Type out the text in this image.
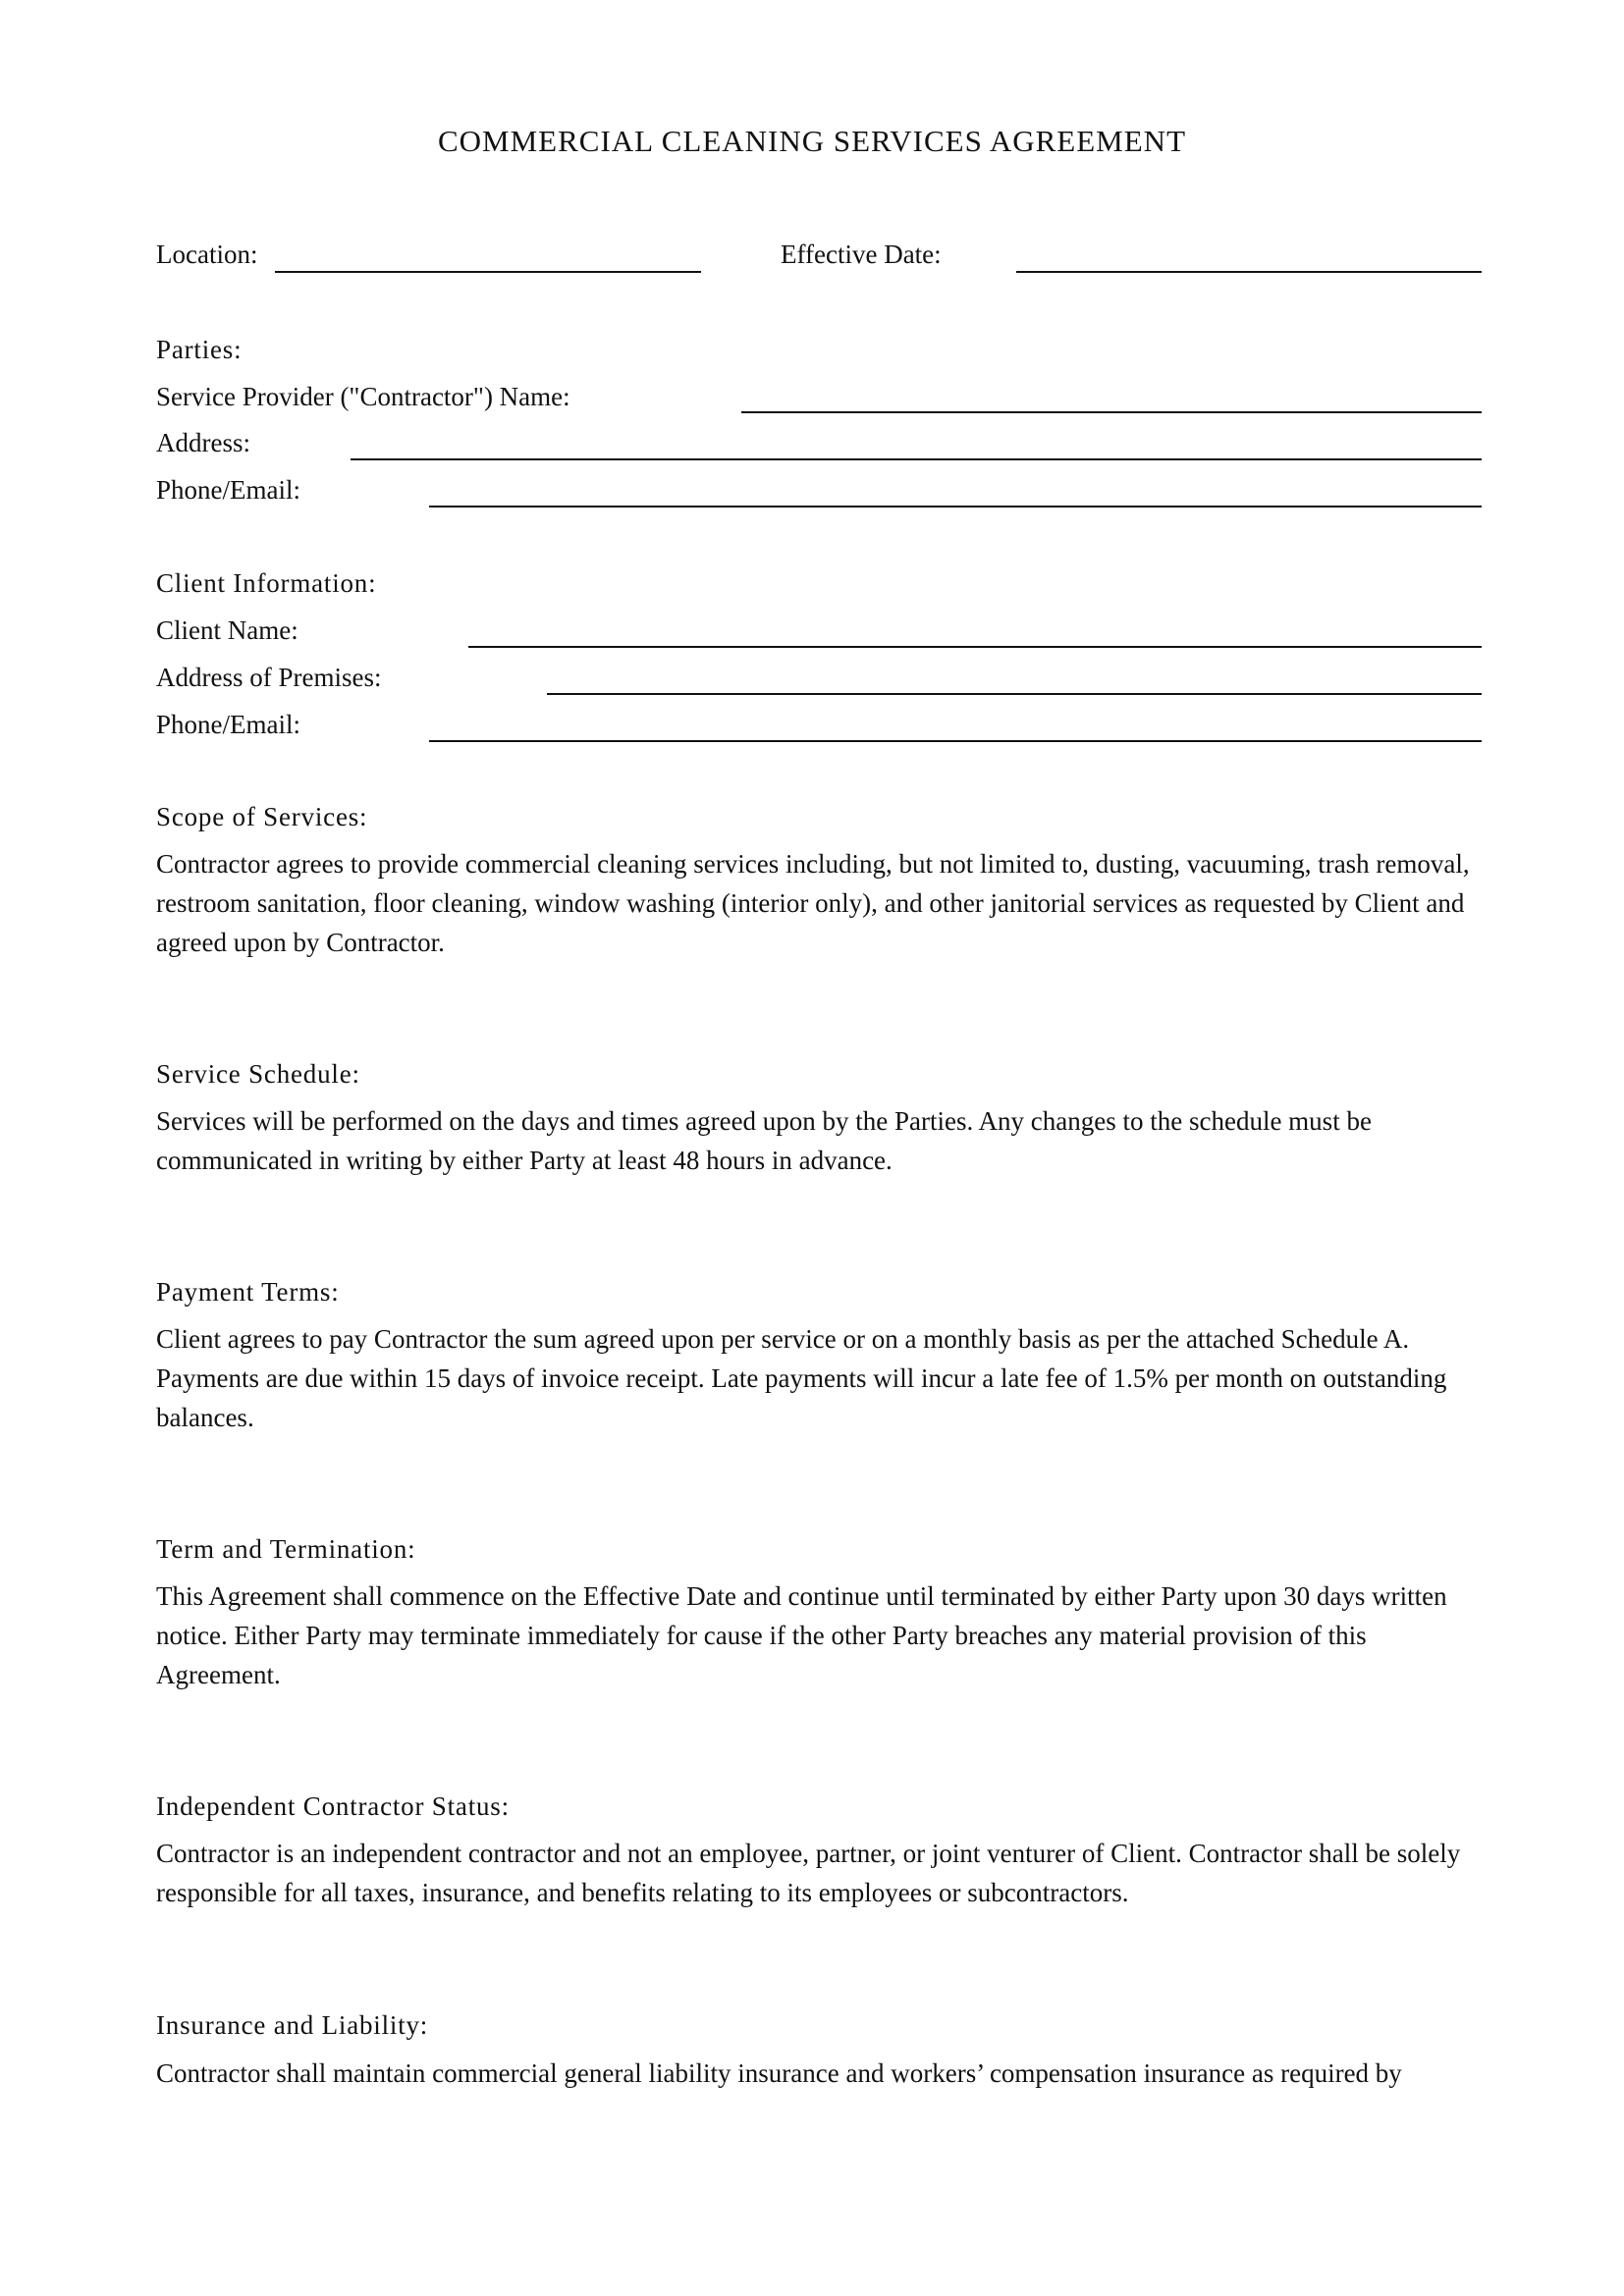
COMMERCIAL CLEANING SERVICES AGREEMENT
Location:	Effective Date:
Parties:
Service Provider ("Contractor") Name:
Address:
Phone/Email:
Client Information:
Client Name:
Address of Premises:
Phone/Email:
Scope of Services:

Contractor agrees to provide commercial cleaning services including, but not limited to, dusting, vacuuming, trash removal, restroom sanitation, floor cleaning, window washing (interior only), and other janitorial services as requested by Client and agreed upon by Contractor.

Service Schedule:

Services will be performed on the days and times agreed upon by the Parties. Any changes to the schedule must be communicated in writing by either Party at least 48 hours in advance.

Payment Terms:

Client agrees to pay Contractor the sum agreed upon per service or on a monthly basis as per the attached Schedule A. Payments are due within 15 days of invoice receipt. Late payments will incur a late fee of 1.5% per month on outstanding balances.

Term and Termination:

This Agreement shall commence on the Effective Date and continue until terminated by either Party upon 30 days written notice. Either Party may terminate immediately for cause if the other Party breaches any material provision of this Agreement.

Independent Contractor Status:

Contractor is an independent contractor and not an employee, partner, or joint venturer of Client. Contractor shall be solely responsible for all taxes, insurance, and benefits relating to its employees or subcontractors.

Insurance and Liability:

Contractor shall maintain commercial general liability insurance and workers’ compensation insurance as required by
